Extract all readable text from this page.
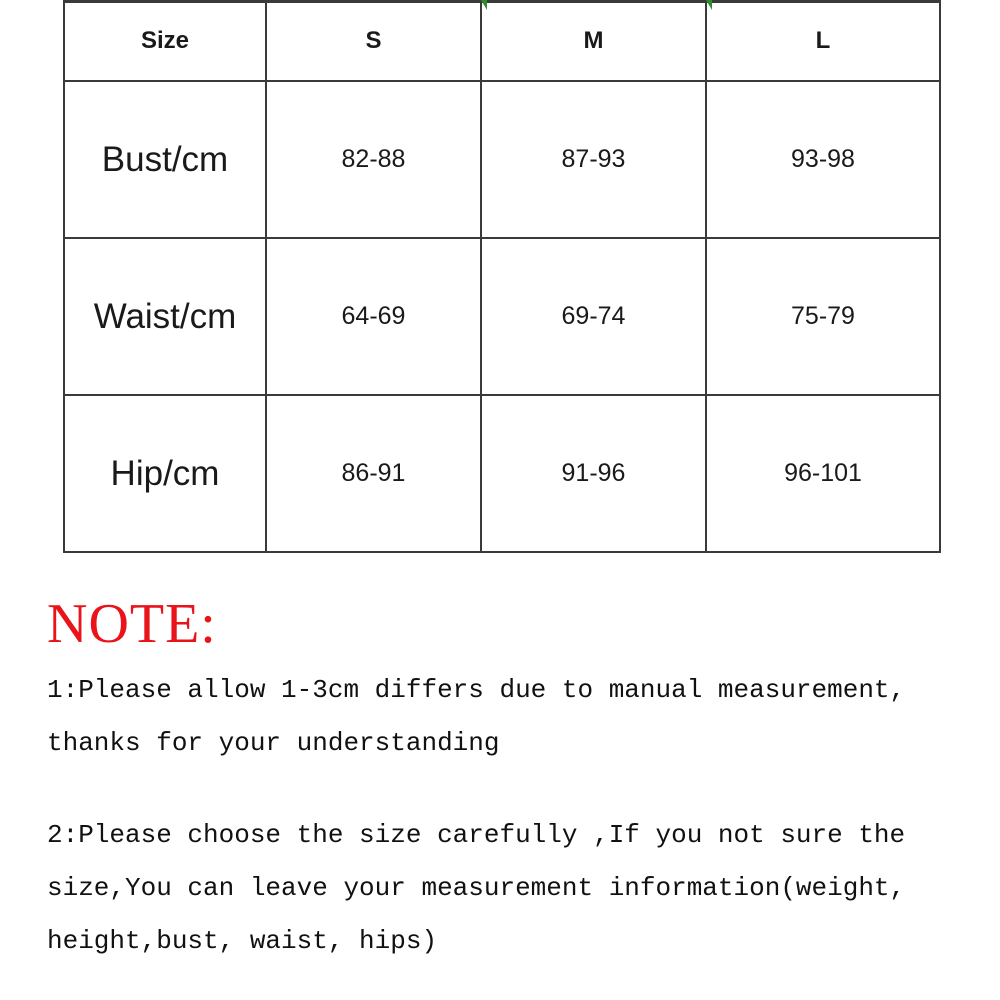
Size	S	M	L
Bust/cm	82-88	87-93	93-98
Waist/cm	64-69	69-74	75-79
Hip/cm	86-91	91-96	96-101
NOTE:

1:Please allow 1-3cm differs due to manual measurement,

thanks for your understanding

2:Please choose the size carefully ,If you not sure the

size,You can leave your measurement information(weight,

height,bust, waist, hips)
